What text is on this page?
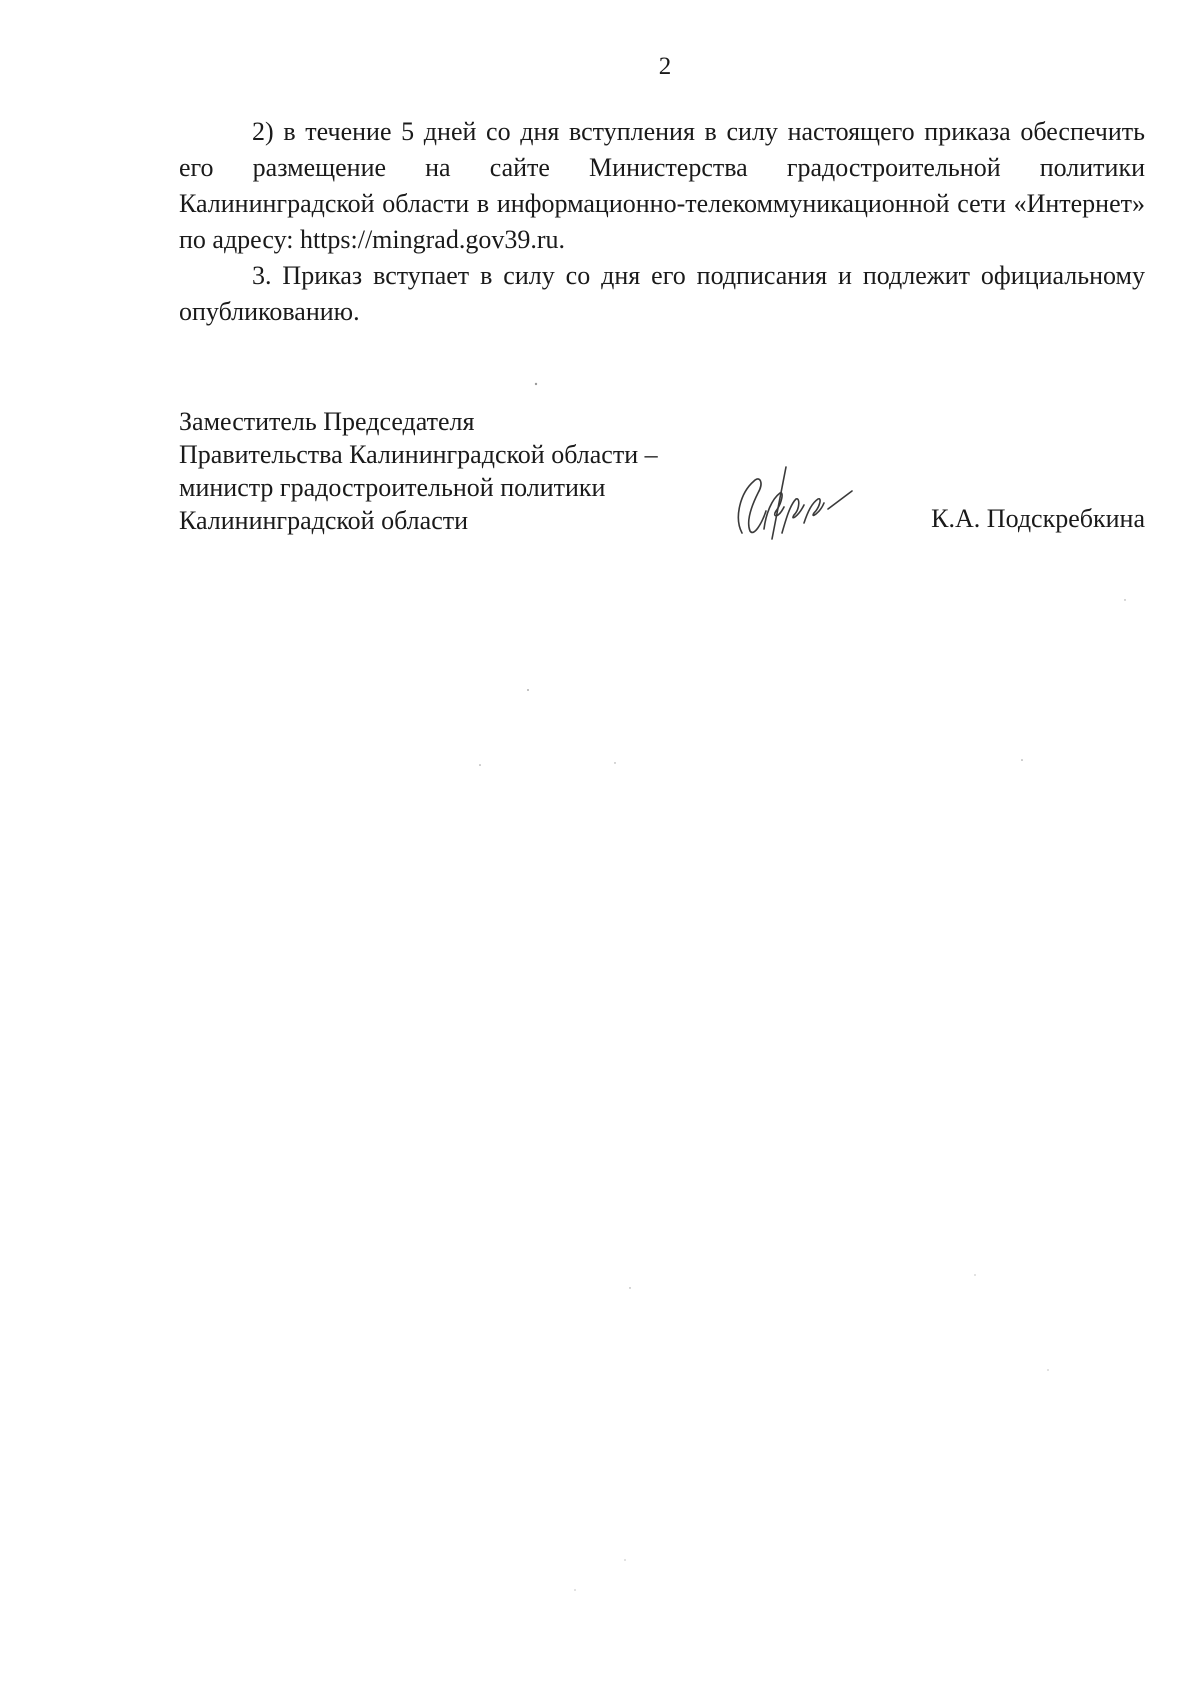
2

2) в течение 5 дней со дня вступления в силу настоящего приказа обеспечить его размещение на сайте Министерства градостроительной политики Калининградской области в информационно-телекоммуникационной сети «Интернет» по адресу: https://mingrad.gov39.ru.

3. Приказ вступает в силу со дня его подписания и подлежит официальному опубликованию.

Заместитель Председателя
Правительства Калининградской области –
министр градостроительной политики
Калининградской области	К.А. Подскребкина
